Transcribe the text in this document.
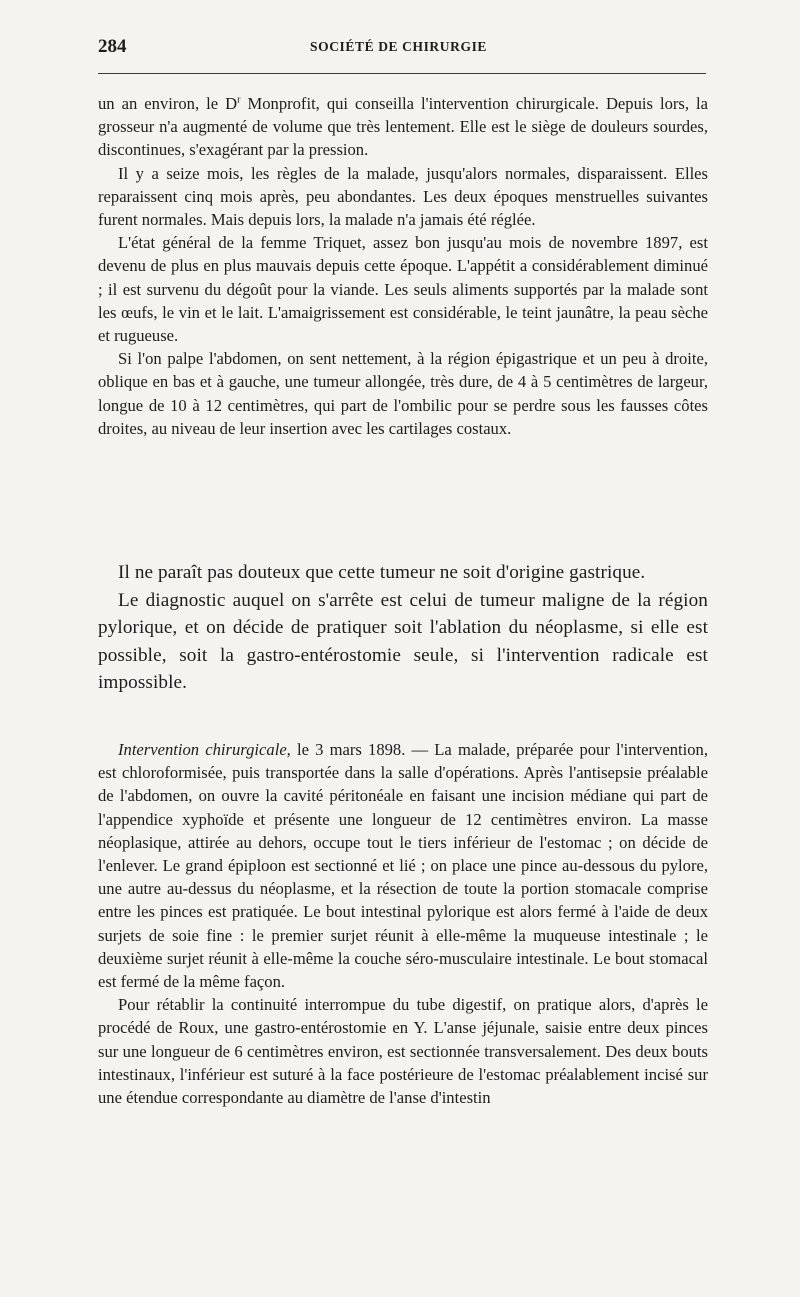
284	SOCIÉTÉ DE CHIRURGIE

un an environ, le $D^r$ Monprofit, qui conseilla l'intervention chirurgicale. Depuis lors, la grosseur n'a augmenté de volume que très lentement. Elle est le siège de douleurs sourdes, discontinues, s'exagérant par la pression.

Il y a seize mois, les règles de la malade, jusqu'alors normales, disparaissent. Elles reparaissent cinq mois après, peu abondantes. Les deux époques menstruelles suivantes furent normales. Mais depuis lors, la malade n'a jamais été réglée.

L'état général de la femme Triquet, assez bon jusqu'au mois de novembre 1897, est devenu de plus en plus mauvais depuis cette époque. L'appétit a considérablement diminué ; il est survenu du dégoût pour la viande. Les seuls aliments supportés par la malade sont les œufs, le vin et le lait. L'amaigrissement est considérable, le teint jaunâtre, la peau sèche et rugueuse.

Si l'on palpe l'abdomen, on sent nettement, à la région épigastrique et un peu à droite, oblique en bas et à gauche, une tumeur allongée, très dure, de 4 à 5 centimètres de largeur, longue de 10 à 12 centimètres, qui part de l'ombilic pour se perdre sous les fausses côtes droites, au niveau de leur insertion avec les cartilages costaux.

Il ne paraît pas douteux que cette tumeur ne soit d'origine gastrique.

Le diagnostic auquel on s'arrête est celui de tumeur maligne de la région pylorique, et on décide de pratiquer soit l'ablation du néoplasme, si elle est possible, soit la gastro-entérostomie seule, si l'intervention radicale est impossible.

Intervention chirurgicale, le 3 mars 1898. — La malade, préparée pour l'intervention, est chloroformisée, puis transportée dans la salle d'opérations. Après l'antisepsie préalable de l'abdomen, on ouvre la cavité péritonéale en faisant une incision médiane qui part de l'appendice xyphoïde et présente une longueur de 12 centimètres environ. La masse néoplasique, attirée au dehors, occupe tout le tiers inférieur de l'estomac ; on décide de l'enlever. Le grand épiploon est sectionné et lié ; on place une pince au-dessous du pylore, une autre au-dessus du néoplasme, et la résection de toute la portion stomacale comprise entre les pinces est pratiquée. Le bout intestinal pylorique est alors fermé à l'aide de deux surjets de soie fine : le premier surjet réunit à elle-même la muqueuse intestinale ; le deuxième surjet réunit à elle-même la couche séro-musculaire intestinale. Le bout stomacal est fermé de la même façon.

Pour rétablir la continuité interrompue du tube digestif, on pratique alors, d'après le procédé de Roux, une gastro-entérostomie en Y. L'anse jéjunale, saisie entre deux pinces sur une longueur de 6 centimètres environ, est sectionnée transversalement. Des deux bouts intestinaux, l'inférieur est suturé à la face postérieure de l'estomac préalablement incisé sur une étendue correspondante au diamètre de l'anse d'intestin
